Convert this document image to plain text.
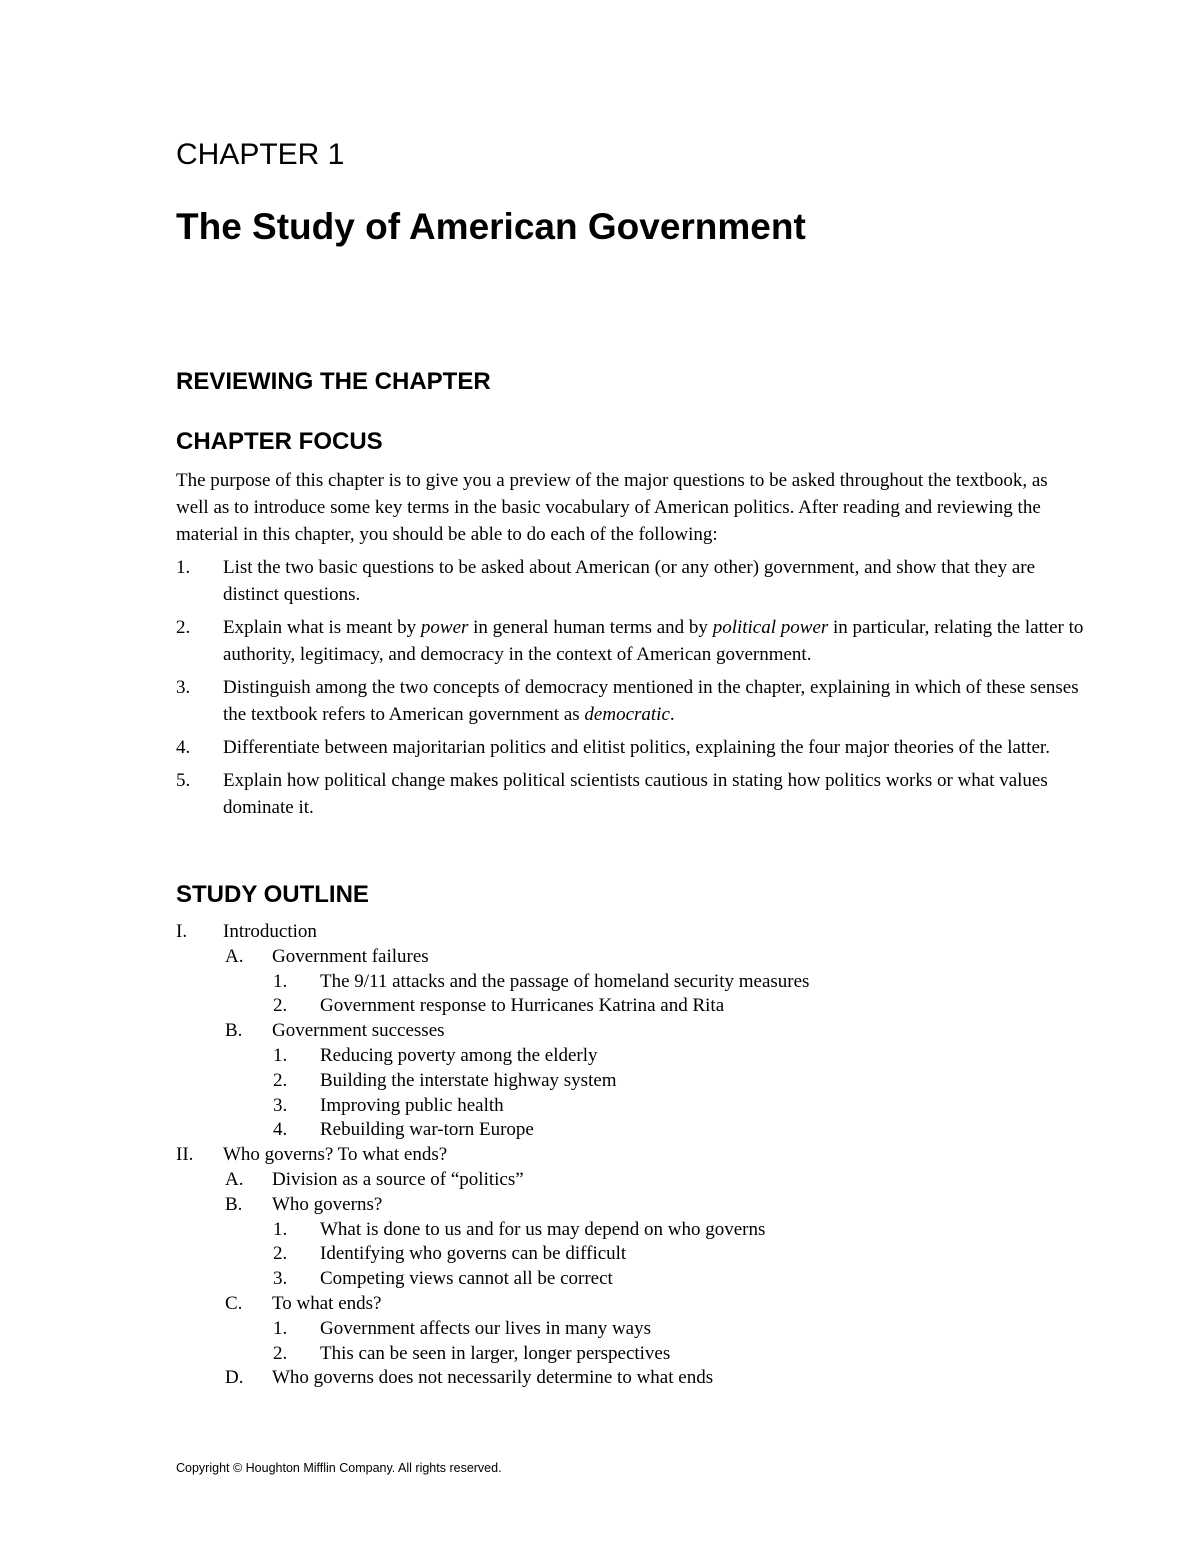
CHAPTER 1
The Study of American Government
REVIEWING THE CHAPTER
CHAPTER FOCUS

The purpose of this chapter is to give you a preview of the major questions to be asked throughout the textbook, as well as to introduce some key terms in the basic vocabulary of American politics. After reading and reviewing the material in this chapter, you should be able to do each of the following:

1. List the two basic questions to be asked about American (or any other) government, and show that they are distinct questions.
2. Explain what is meant by power in general human terms and by political power in particular, relating the latter to authority, legitimacy, and democracy in the context of American government.
3. Distinguish among the two concepts of democracy mentioned in the chapter, explaining in which of these senses the textbook refers to American government as democratic.
4. Differentiate between majoritarian politics and elitist politics, explaining the four major theories of the latter.
5. Explain how political change makes political scientists cautious in stating how politics works or what values dominate it.
STUDY OUTLINE
I. Introduction
A. Government failures
1. The 9/11 attacks and the passage of homeland security measures
2. Government response to Hurricanes Katrina and Rita
B. Government successes
1. Reducing poverty among the elderly
2. Building the interstate highway system
3. Improving public health
4. Rebuilding war-torn Europe
II. Who governs? To what ends?
A. Division as a source of “politics”
B. Who governs?
1. What is done to us and for us may depend on who governs
2. Identifying who governs can be difficult
3. Competing views cannot all be correct
C. To what ends?
1. Government affects our lives in many ways
2. This can be seen in larger, longer perspectives
D. Who governs does not necessarily determine to what ends
Copyright © Houghton Mifflin Company. All rights reserved.
